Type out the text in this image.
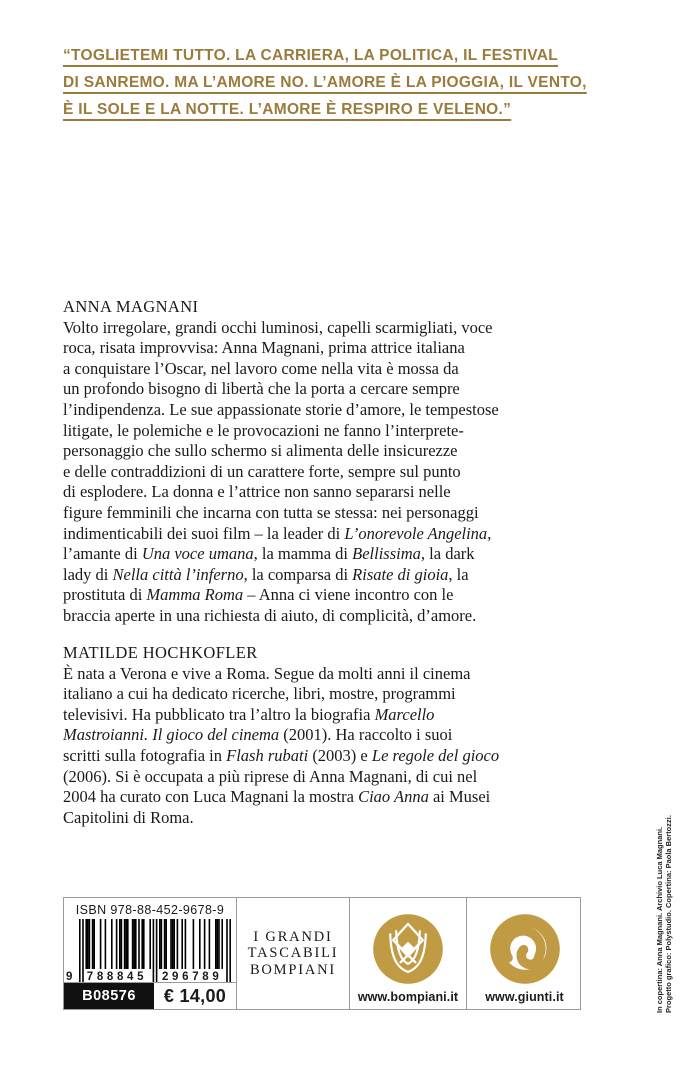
“TOGLIETEMI TUTTO. LA CARRIERA, LA POLITICA, IL FESTIVAL
DI SANREMO. MA L’AMORE NO. L’AMORE È LA PIOGGIA, IL VENTO,
È IL SOLE E LA NOTTE. L’AMORE È RESPIRO E VELENO.”
ANNA MAGNANI
Volto irregolare, grandi occhi luminosi, capelli scarmigliati, voce
roca, risata improvvisa: Anna Magnani, prima attrice italiana
a conquistare l’Oscar, nel lavoro come nella vita è mossa da
un profondo bisogno di libertà che la porta a cercare sempre
l’indipendenza. Le sue appassionate storie d’amore, le tempestose
litigate, le polemiche e le provocazioni ne fanno l’interprete-
personaggio che sullo schermo si alimenta delle insicurezze
e delle contraddizioni di un carattere forte, sempre sul punto
di esplodere. La donna e l’attrice non sanno separarsi nelle
figure femminili che incarna con tutta se stessa: nei personaggi
indimenticabili dei suoi film – la leader di L’onorevole Angelina,
l’amante di Una voce umana, la mamma di Bellissima, la dark
lady di Nella città l’inferno, la comparsa di Risate di gioia, la
prostituta di Mamma Roma – Anna ci viene incontro con le
braccia aperte in una richiesta di aiuto, di complicità, d’amore.
MATILDE HOCHKOFLER
È nata a Verona e vive a Roma. Segue da molti anni il cinema
italiano a cui ha dedicato ricerche, libri, mostre, programmi
televisivi. Ha pubblicato tra l’altro la biografia Marcello
Mastroianni. Il gioco del cinema (2001). Ha raccolto i suoi
scritti sulla fotografia in Flash rubati (2003) e Le regole del gioco
(2006). Si è occupata a più riprese di Anna Magnani, di cui nel
2004 ha curato con Luca Magnani la mostra Ciao Anna ai Musei
Capitolini di Roma.
ISBN 978-88-452-9678-9
9 788845 296789
B08576	€ 14,00
I GRANDI
TASCABILI
BOMPIANI
www.bompiani.it www.giunti.it	In copertina: Anna Magnani. Archivio Luca Magnani. Progetto grafico: Polystudio. Copertina: Paola Bertozzi.
